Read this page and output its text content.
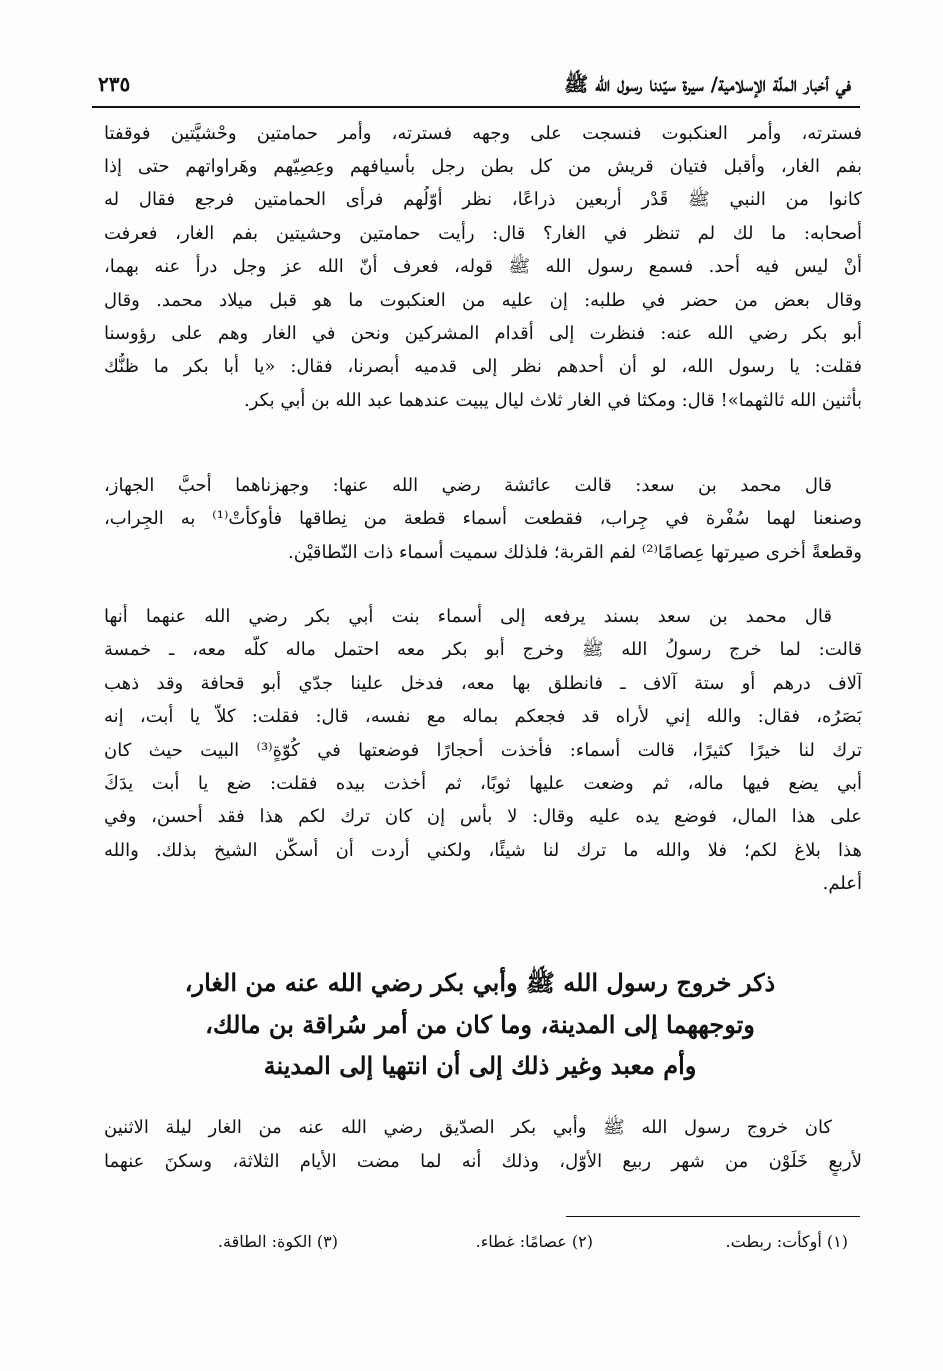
في أخبار الملّة الإسلامية/ سيرة سيّدنا رسول الله ﷺ
٢٣٥
فسترته، وأمر العنكبوت فنسجت على وجهه فسترته، وأمر حمامتين وحْشيَّتين فوقفتا
بفم الغار، وأقبل فتيان قريش من كل بطن رجل بأسيافهم وعِصِيّهم وهَراواتهم حتى إذا
كانوا من النبي ﷺ قَدْر أربعين ذراعًا، نظر أوّلُهم فرأى الحمامتين فرجع فقال له
أصحابه: ما لك لم تنظر في الغار؟ قال: رأيت حمامتين وحشيتين بفم الغار، فعرفت
أنْ ليس فيه أحد. فسمع رسول الله ﷺ قوله، فعرف أنّ الله عز وجل درأ عنه بهما،
وقال بعض من حضر في طلبه: إن عليه من العنكبوت ما هو قبل ميلاد محمد. وقال
أبو بكر رضي الله عنه: فنظرت إلى أقدام المشركين ونحن في الغار وهم على رؤوسنا
فقلت: يا رسول الله، لو أن أحدهم نظر إلى قدميه أبصرنا، فقال: «يا أبا بكر ما ظنُّك
بأثنين الله ثالثهما»! قال: ومكثا في الغار ثلاث ليال يبيت عندهما عبد الله بن أبي بكر.
قال محمد بن سعد: قالت عائشة رضي الله عنها: وجهزناهما أحبَّ الجهاز،
وصنعنا لهما سُفْرة في جِراب، فقطعت أسماء قطعة من نِطاقها فأوكأَتْ⁽¹⁾ به الجِراب،
وقطعةً أخرى صيرتها عِصامًا⁽²⁾ لفم القربة؛ فلذلك سميت أسماء ذات النّطاقيْن.
قال محمد بن سعد بسند يرفعه إلى أسماء بنت أبي بكر رضي الله عنهما أنها
قالت: لما خرج رسولُ الله ﷺ وخرج أبو بكر معه احتمل ماله كلّه معه، ـ خمسة
آلاف درهم أو ستة آلاف ـ فانطلق بها معه، فدخل علينا جدّي أبو قحافة وقد ذهب
بَصَرُه، فقال: والله إني لأراه قد فجعكم بماله مع نفسه، قال: فقلت: كلاّ يا أبت، إنه
ترك لنا خيرًا كثيرًا، قالت أسماء: فأخذت أحجارًا فوضعتها في كُوّةٍ⁽³⁾ البيت حيث كان
أبي يضع فيها ماله، ثم وضعت عليها ثوبًا، ثم أخذت بيده فقلت: ضع يا أبت يدَكَ
على هذا المال، فوضع يده عليه وقال: لا بأس إن كان ترك لكم هذا فقد أحسن، وفي
هذا بلاغ لكم؛ فلا والله ما ترك لنا شيئًا، ولكني أردت أن أسكّن الشيخ بذلك. والله
أعلم.
ذكر خروج رسول الله ﷺ وأبي بكر رضي الله عنه من الغار،
وتوجههما إلى المدينة، وما كان من أمر سُراقة بن مالك،
وأم معبد وغير ذلك إلى أن انتهيا إلى المدينة
كان خروج رسول الله ﷺ وأبي بكر الصدّيق رضي الله عنه من الغار ليلة الاثنين
لأربعٍ خَلَوْن من شهر ربيع الأوّل، وذلك أنه لما مضت الأيام الثلاثة، وسكنَ عنهما
(١) أوكأت: ربطت.
(٢) عصامًا: غطاء.
(٣) الكوة: الطاقة.
